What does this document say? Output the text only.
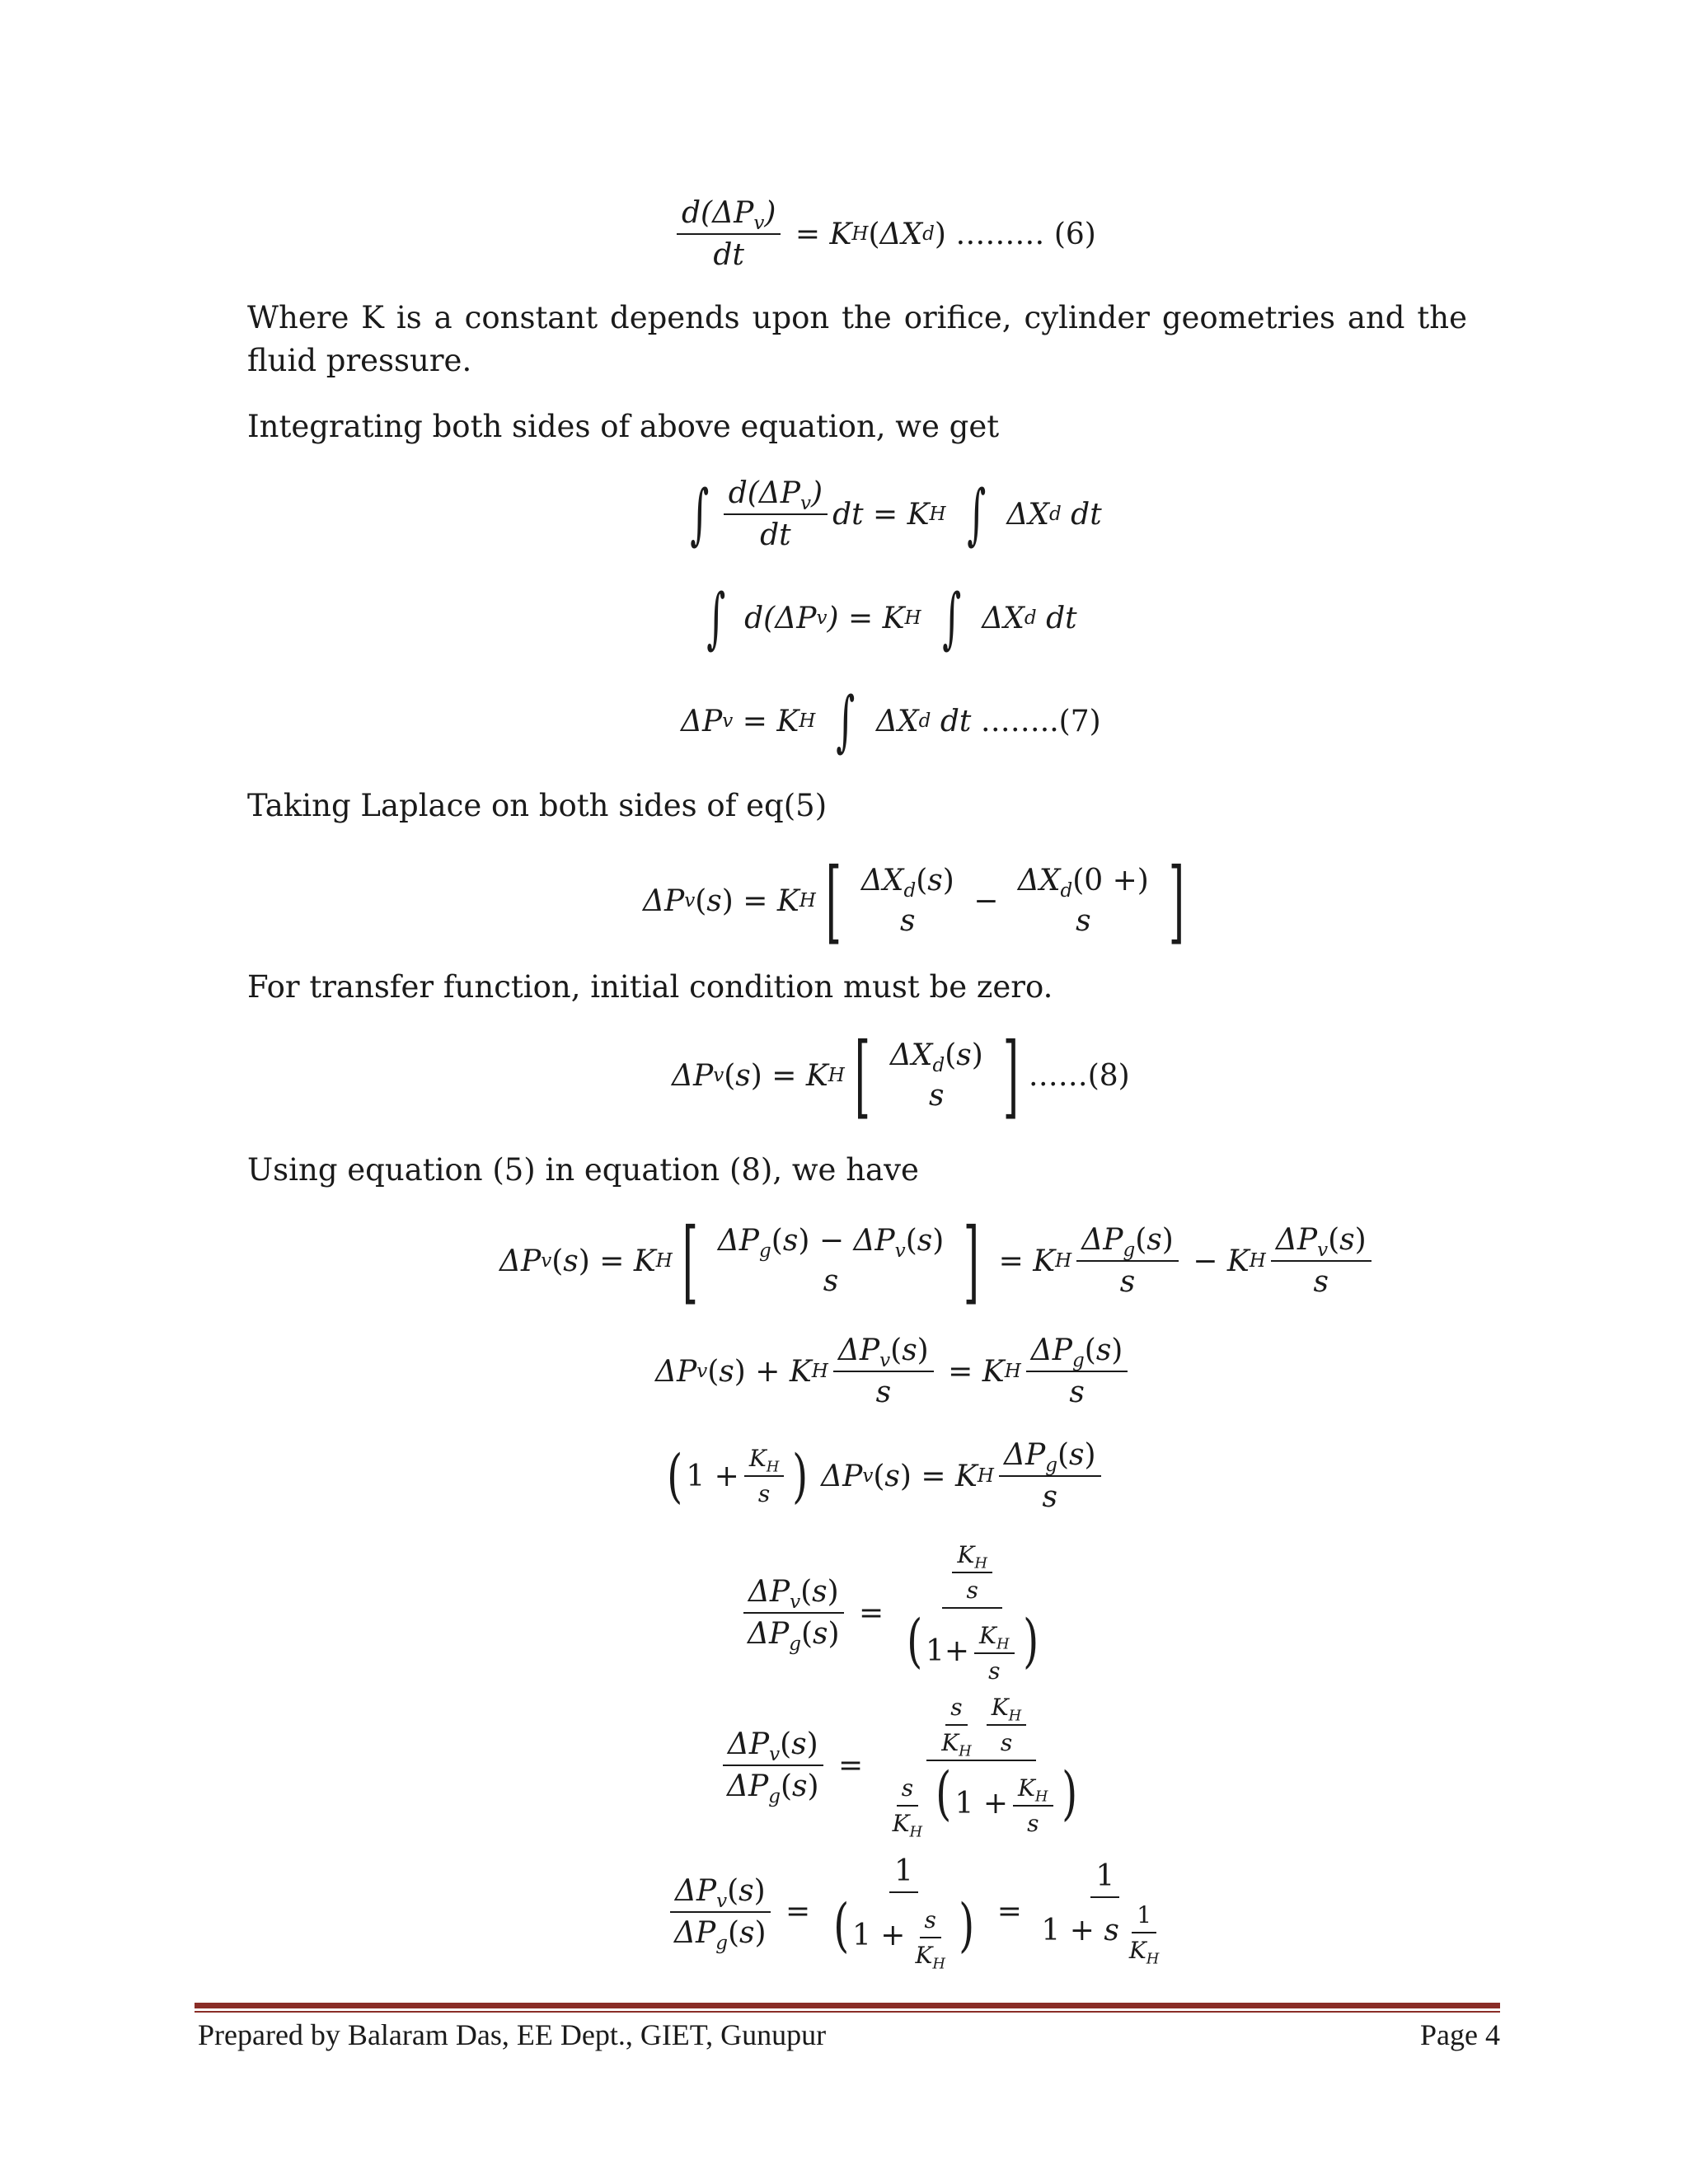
$\frac{d(\Delta P_v)}{dt} = K$ H ( ΔX d ) ……… (6)
Where K is a constant depends upon the orifice, cylinder geometries and the fluid pressure.
Integrating both sides of above equation, we get
∫ $\frac{d(\Delta P_v)}{dt}$ dt = K H ∫ ΔX d dt
∫ d(ΔP v ) = K H ∫ ΔX d dt
ΔP v = K H ∫ ΔX d dt ……..(7)
Taking Laplace on both sides of eq(5)
ΔP v ( s ) = K H [ $\Delta X_d(s)$
s
−
$\Delta X_d(0$ +)
s ]
For transfer function, initial condition must be zero.
ΔP v ( s ) = K H [ $\Delta X_d(s)$
s ] ……(8)
Using equation (5) in equation (8), we have
ΔP v ( s ) = K H [ $\Delta P_g(s) - \Delta P_v(s)$
s ] = K H $\frac{\Delta P_g(s)}{s} - K$ H $\frac{\Delta P_v(s)}{s}$
ΔP v ( s ) + K H $\frac{\Delta P_v(s)}{s} = K$ H $\frac{\Delta P_g(s)}{s}$
( $1 + \frac{K_H}{s}$ ) ΔP v ( s ) = K H $\frac{\Delta P_g(s)}{s}$
$\frac{\Delta P_v(s)}{\Delta P_g(s)} = \frac{\frac{K_H}{s}}{( 1+ \frac{K_H}{s} )}$
$\frac{\Delta P_v(s)}{\Delta P_g(s)} = \frac{\frac{s}{K_H} \frac{K_H}{s}}{\frac{s}{K_H} ( 1 + \frac{K_H}{s} )}$
$\frac{\Delta P_v(s)}{\Delta P_g(s)} = \frac{1}{( 1 + \frac{s}{K_H} )} = \frac{1}{1 + s \frac{1}{K_H}}$
Prepared by Balaram Das, EE Dept., GIET, Gunupur	Page 4
